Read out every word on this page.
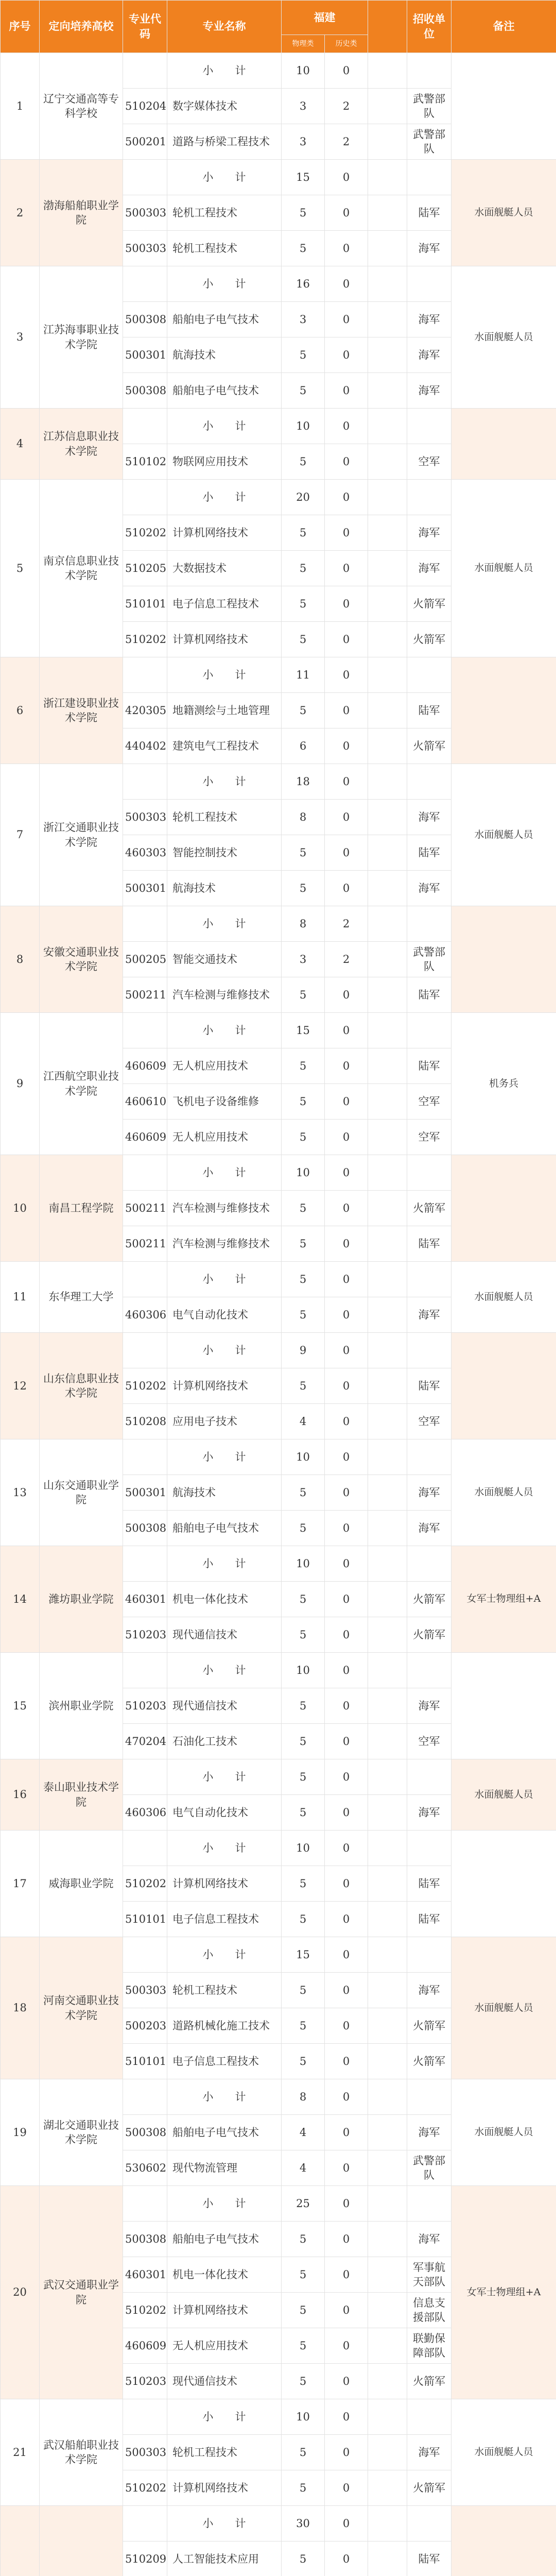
序号	定向培养高校	专业代码	专业名称	福建			招收单位	备注
				物理类	历史类			
1	辽宁交通高等专科学校		小　　计	10	0			
		510204	数字媒体技术	3	2		武警部队	
		500201	道路与桥梁工程技术	3	2		武警部队	
2	渤海船舶职业学院		小　　计	15	0			水面舰艇人员
		500303	轮机工程技术	5	0		陆军	
		500303	轮机工程技术	5	0		海军	
3	江苏海事职业技术学院		小　　计	16	0			水面舰艇人员
		500308	船舶电子电气技术	3	0		海军	
		500301	航海技术	5	0		海军	
		500308	船舶电子电气技术	5	0		海军	
4	江苏信息职业技术学院		小　　计	10	0			
		510102	物联网应用技术	5	0		空军	
5	南京信息职业技术学院		小　　计	20	0			水面舰艇人员
		510202	计算机网络技术	5	0		海军	
		510205	大数据技术	5	0		海军	
		510101	电子信息工程技术	5	0		火箭军	
		510202	计算机网络技术	5	0		火箭军	
6	浙江建设职业技术学院		小　　计	11	0			
		420305	地籍测绘与土地管理	5	0		陆军	
		440402	建筑电气工程技术	6	0		火箭军	
7	浙江交通职业技术学院		小　　计	18	0			水面舰艇人员
		500303	轮机工程技术	8	0		海军	
		460303	智能控制技术	5	0		陆军	
		500301	航海技术	5	0		海军	
8	安徽交通职业技术学院		小　　计	8	2			
		500205	智能交通技术	3	2		武警部队	
		500211	汽车检测与维修技术	5	0		陆军	
9	江西航空职业技术学院		小　　计	15	0			机务兵
		460609	无人机应用技术	5	0		陆军	
		460610	飞机电子设备维修	5	0		空军	
		460609	无人机应用技术	5	0		空军	
10	南昌工程学院		小　　计	10	0			
		500211	汽车检测与维修技术	5	0		火箭军	
		500211	汽车检测与维修技术	5	0		陆军	
11	东华理工大学		小　　计	5	0			水面舰艇人员
		460306	电气自动化技术	5	0		海军	
12	山东信息职业技术学院		小　　计	9	0			
		510202	计算机网络技术	5	0		陆军	
		510208	应用电子技术	4	0		空军	
13	山东交通职业学院		小　　计	10	0			水面舰艇人员
		500301	航海技术	5	0		海军	
		500308	船舶电子电气技术	5	0		海军	
14	潍坊职业学院		小　　计	10	0			女军士物理组+A
		460301	机电一体化技术	5	0		火箭军	
		510203	现代通信技术	5	0		火箭军	
15	滨州职业学院		小　　计	10	0			
		510203	现代通信技术	5	0		海军	
		470204	石油化工技术	5	0		空军	
16	泰山职业技术学院		小　　计	5	0			水面舰艇人员
		460306	电气自动化技术	5	0		海军	
17	威海职业学院		小　　计	10	0			
		510202	计算机网络技术	5	0		陆军	
		510101	电子信息工程技术	5	0		陆军	
18	河南交通职业技术学院		小　　计	15	0			水面舰艇人员
		500303	轮机工程技术	5	0		海军	
		500203	道路机械化施工技术	5	0		火箭军	
		510101	电子信息工程技术	5	0		火箭军	
19	湖北交通职业技术学院		小　　计	8	0			水面舰艇人员
		500308	船舶电子电气技术	4	0		海军	
		530602	现代物流管理	4	0		武警部队	
20	武汉交通职业学院		小　　计	25	0			女军士物理组+A
		500308	船舶电子电气技术	5	0		海军	
		460301	机电一体化技术	5	0		军事航天部队	
		510202	计算机网络技术	5	0		信息支援部队	
		460609	无人机应用技术	5	0		联勤保障部队	
		510203	现代通信技术	5	0		火箭军	
21	武汉船舶职业技术学院		小　　计	10	0			水面舰艇人员
		500303	轮机工程技术	5	0		海军	
		510202	计算机网络技术	5	0		火箭军	
			小　　计	30	0			
		510209	人工智能技术应用	5	0		陆军	
